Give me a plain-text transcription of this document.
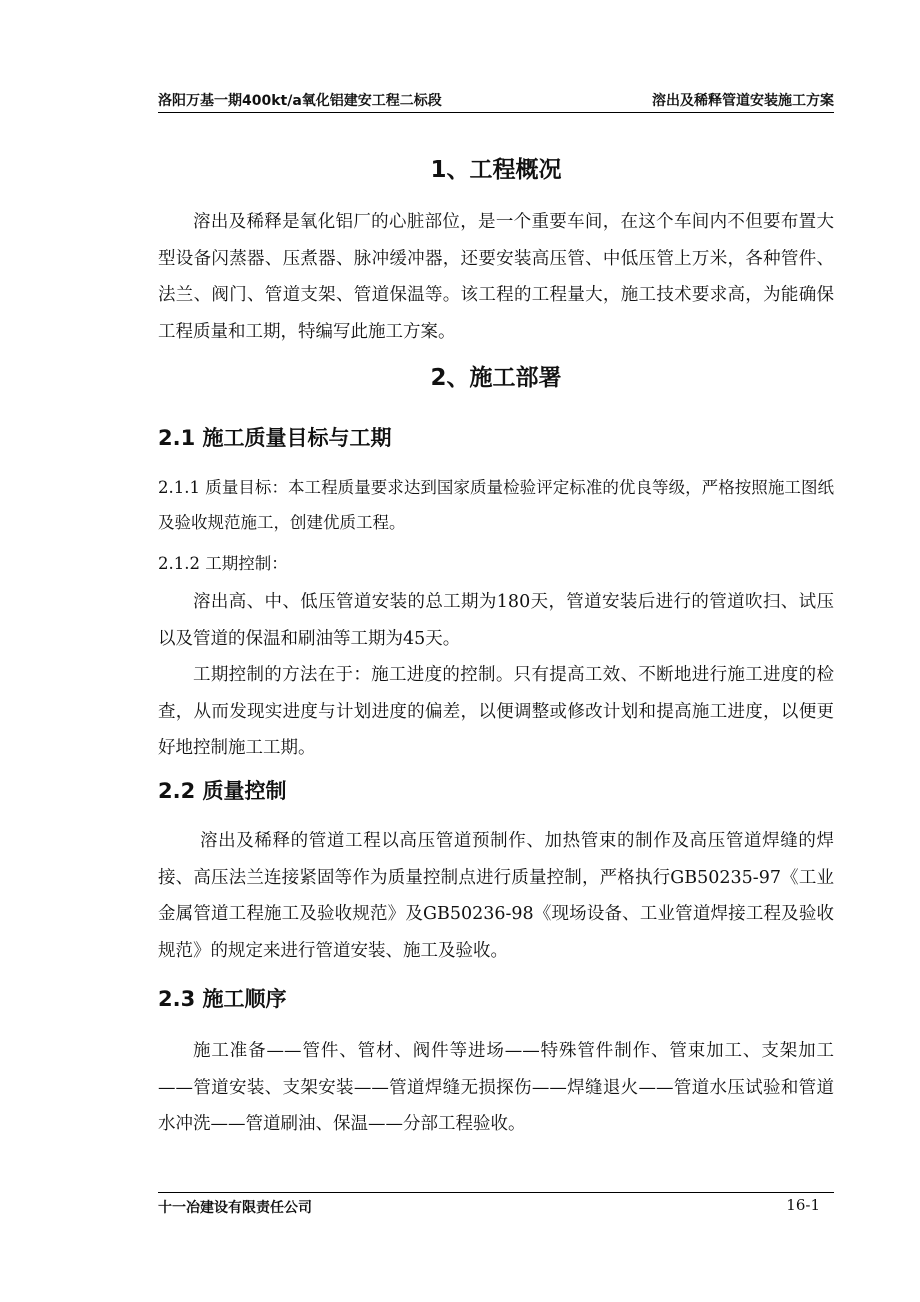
洛阳万基一期400kt/a氧化铝建安工程二标段	溶出及稀释管道安装施工方案
1、工程概况

溶出及稀释是氧化铝厂的心脏部位，是一个重要车间，在这个车间内不但要布置大型设备闪蒸器、压煮器、脉冲缓冲器，还要安装高压管、中低压管上万米，各种管件、法兰、阀门、管道支架、管道保温等。该工程的工程量大，施工技术要求高，为能确保工程质量和工期，特编写此施工方案。

2、施工部署
2.1 施工质量目标与工期

2.1.1 质量目标：本工程质量要求达到国家质量检验评定标准的优良等级，严格按照施工图纸及验收规范施工，创建优质工程。

2.1.2 工期控制：

溶出高、中、低压管道安装的总工期为180天，管道安装后进行的管道吹扫、试压以及管道的保温和刷油等工期为45天。

工期控制的方法在于：施工进度的控制。只有提高工效、不断地进行施工进度的检查，从而发现实进度与计划进度的偏差，以便调整或修改计划和提高施工进度，以便更好地控制施工工期。

2.2 质量控制

溶出及稀释的管道工程以高压管道预制作、加热管束的制作及高压管道焊缝的焊接、高压法兰连接紧固等作为质量控制点进行质量控制，严格执行GB50235-97《工业金属管道工程施工及验收规范》及GB50236-98《现场设备、工业管道焊接工程及验收规范》的规定来进行管道安装、施工及验收。

2.3 施工顺序

施工准备——管件、管材、阀件等进场——特殊管件制作、管束加工、支架加工——管道安装、支架安装——管道焊缝无损探伤——焊缝退火——管道水压试验和管道水冲洗——管道刷油、保温——分部工程验收。

十一冶建设有限责任公司	16-1
